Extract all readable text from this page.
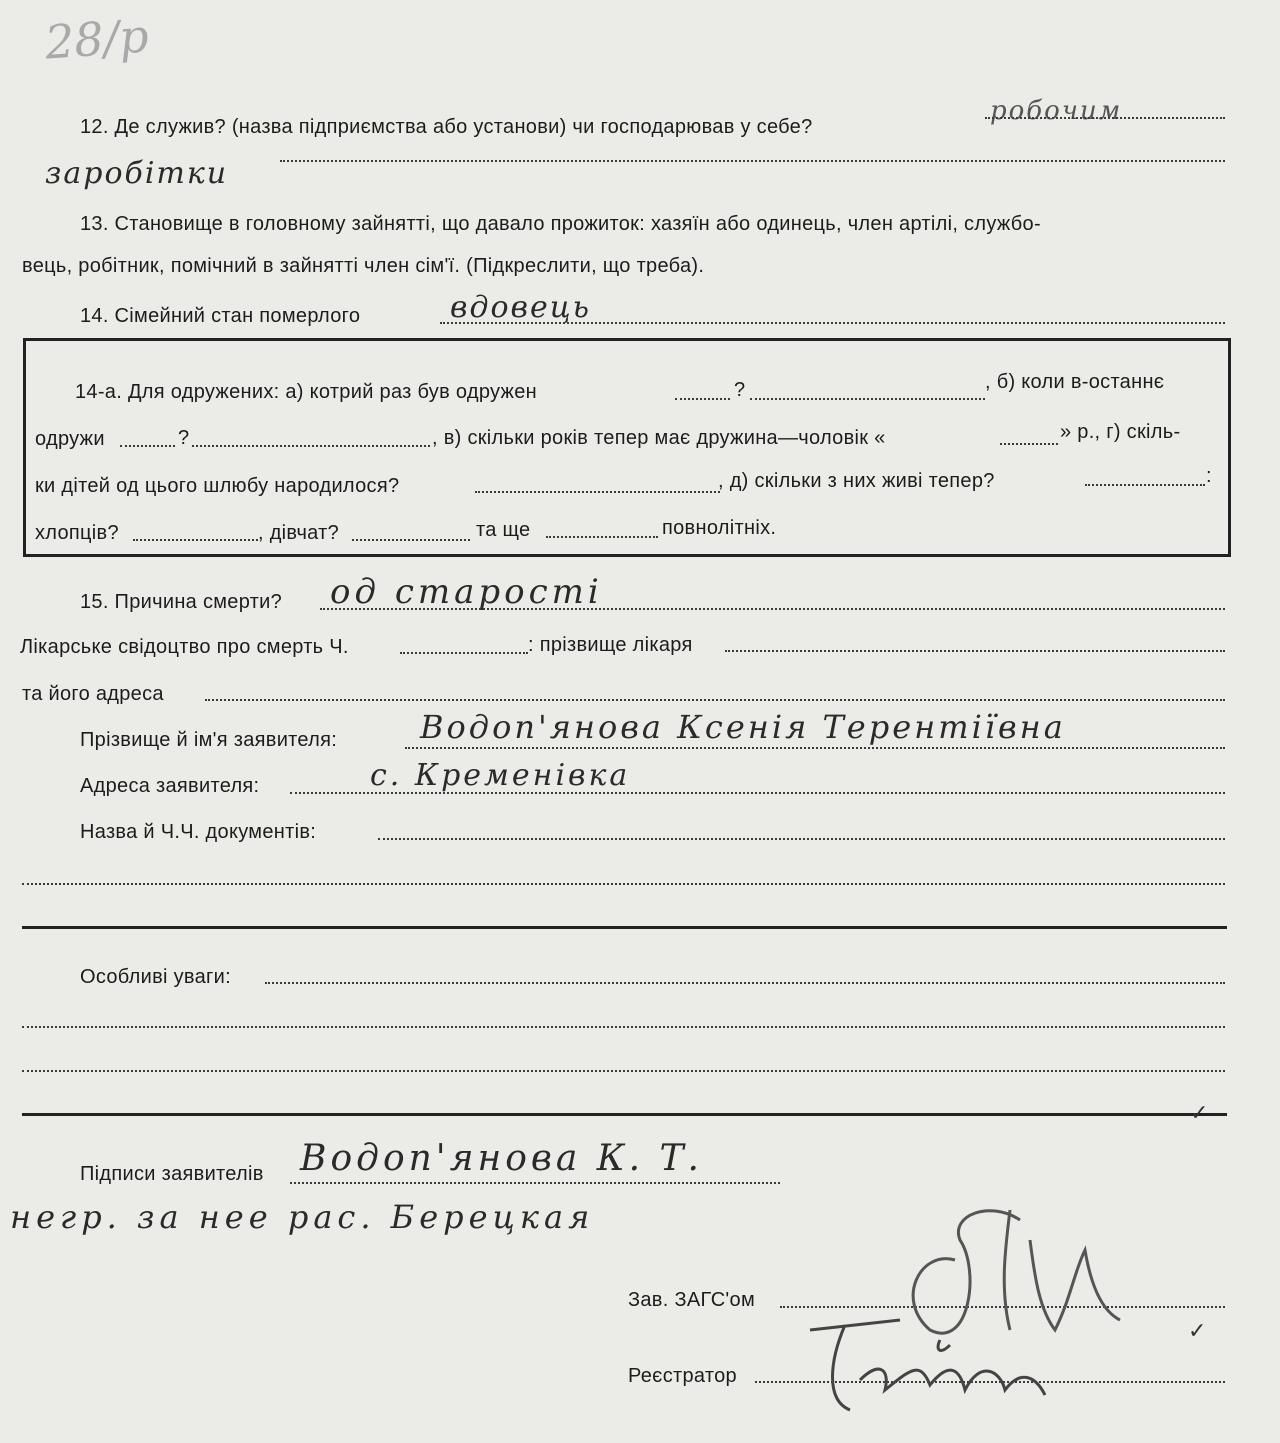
28/р
12. Де служив? (назва підприємства або установи) чи господарював у себе?
робочим
заробітки
13. Становище в головному зайнятті, що давало прожиток: хазяїн або одинець, член артілі, службо-
вець, робітник, помічний в зайнятті член сім'ї. (Підкреслити, що треба).
14. Сімейний стан померлого	вдовець
14-а. Для одружених: а) котрий раз був одружен	?	, б) коли в-останнє
одружи	?	, в) скільки років тепер має дружина—чоловік «	» р., г) скіль-
ки дітей од цього шлюбу народилося?	, д) скільки з них живі тепер?	:
хлопців?	, дівчат?	та ще	повнолітніх.
15. Причина смерти? од старості
Лікарське свідоцтво про смерть Ч.	: прізвище лікаря
та його адреса
Прізвище й ім'я заявителя:	Водоп'янова Ксенія Терентіївна
Адреса заявителя:	с. Кременівка
Назва й Ч.Ч. документів:
Особливі уваги:
Підписи заявителів Водоп'янова К. Т.
негр. за нее рас. Берецкая
Зав. ЗАГС'ом
Реєстратор
✓
✓
